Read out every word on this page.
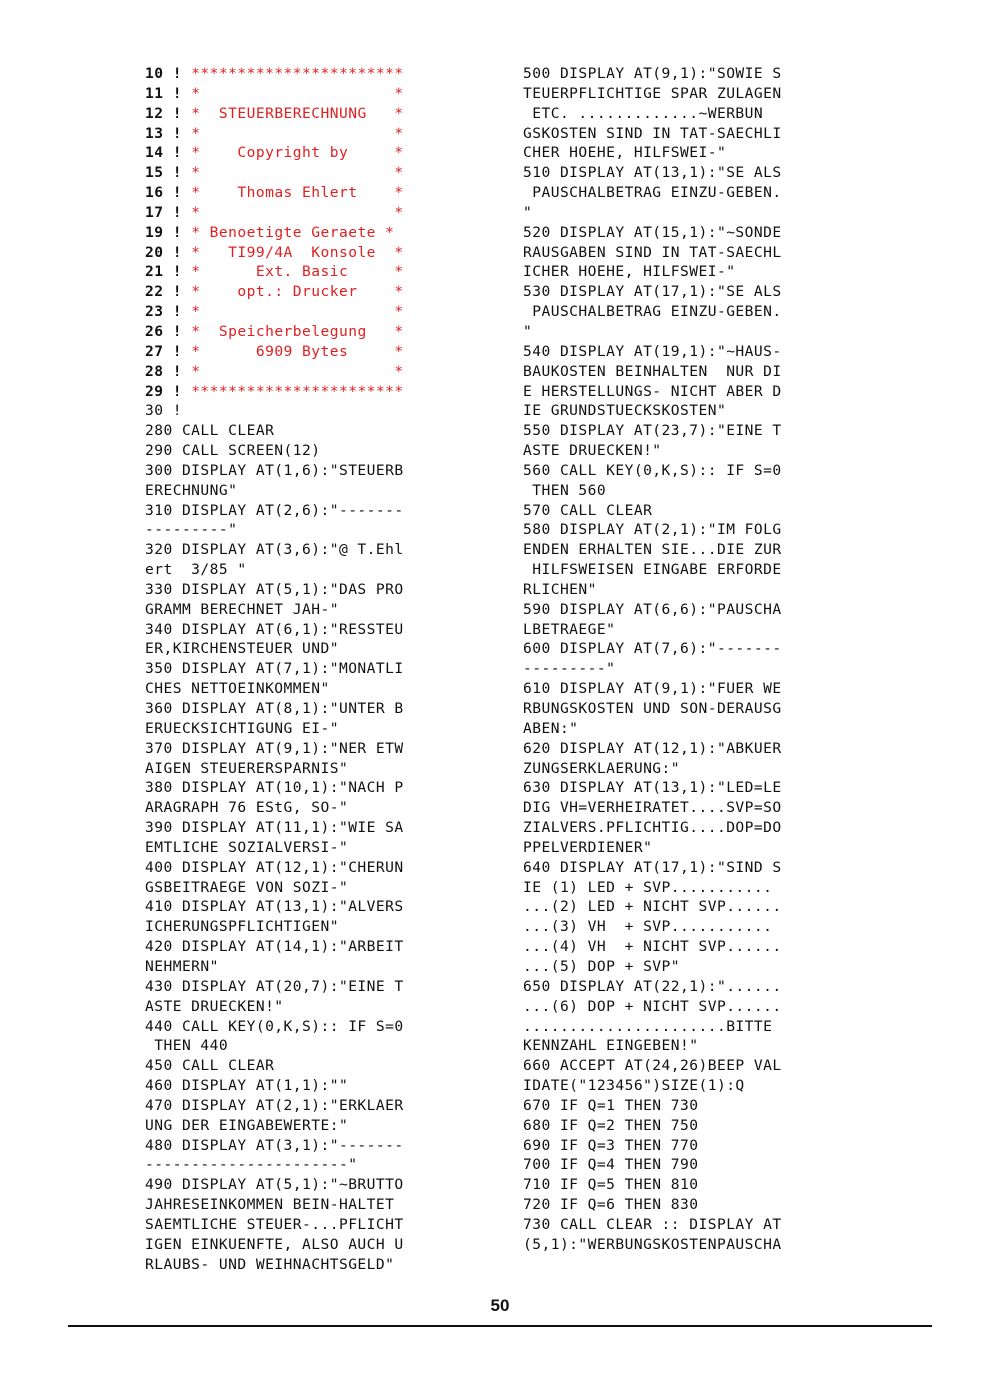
10 ! ***********************
11 ! *                     *
12 ! *  STEUERBERECHNUNG   *
13 ! *                     *
14 ! *    Copyright by     *
15 ! *                     *
16 ! *    Thomas Ehlert    *
17 ! *                     *
19 ! * Benoetigte Geraete *
20 ! *   TI99/4A  Konsole  *
21 ! *      Ext. Basic     *
22 ! *    opt.: Drucker    *
23 ! *                     *
26 ! *  Speicherbelegung   *
27 ! *      6909 Bytes     *
28 ! *                     *
29 ! ***********************
30 !
280 CALL CLEAR
290 CALL SCREEN(12)
300 DISPLAY AT(1,6):"STEUERB
ERECHNUNG"
310 DISPLAY AT(2,6):"-------
---------"
320 DISPLAY AT(3,6):"@ T.Ehl
ert  3/85 "
330 DISPLAY AT(5,1):"DAS PRO
GRAMM BERECHNET JAH-"
340 DISPLAY AT(6,1):"RESSTEU
ER,KIRCHENSTEUER UND"
350 DISPLAY AT(7,1):"MONATLI
CHES NETTOEINKOMMEN"
360 DISPLAY AT(8,1):"UNTER B
ERUECKSICHTIGUNG EI-"
370 DISPLAY AT(9,1):"NER ETW
AIGEN STEUERERSPARNIS"
380 DISPLAY AT(10,1):"NACH P
ARAGRAPH 76 EStG, SO-"
390 DISPLAY AT(11,1):"WIE SA
EMTLICHE SOZIALVERSI-"
400 DISPLAY AT(12,1):"CHERUN
GSBEITRAEGE VON SOZI-"
410 DISPLAY AT(13,1):"ALVERS
ICHERUNGSPFLICHTIGEN"
420 DISPLAY AT(14,1):"ARBEIT
NEHMERN"
430 DISPLAY AT(20,7):"EINE T
ASTE DRUECKEN!"
440 CALL KEY(0,K,S):: IF S=0
THEN 440
450 CALL CLEAR
460 DISPLAY AT(1,1):""
470 DISPLAY AT(2,1):"ERKLAER
UNG DER EINGABEWERTE:"
480 DISPLAY AT(3,1):"-------
----------------------"
490 DISPLAY AT(5,1):"~BRUTTO
JAHRESEINKOMMEN BEIN-HALTET
SAEMTLICHE STEUER-...PFLICHT
IGEN EINKUENFTE, ALSO AUCH U
RLAUBS- UND WEIHNACHTSGELD"
500 DISPLAY AT(9,1):"SOWIE S
TEUERPFLICHTIGE SPAR ZULAGEN
ETC. .............~WERBUN
GSKOSTEN SIND IN TAT-SAECHLI
CHER HOEHE, HILFSWEI-"
510 DISPLAY AT(13,1):"SE ALS
PAUSCHALBETRAG EINZU-GEBEN.
"
520 DISPLAY AT(15,1):"~SONDE
RAUSGABEN SIND IN TAT-SAECHL
ICHER HOEHE, HILFSWEI-"
530 DISPLAY AT(17,1):"SE ALS
PAUSCHALBETRAG EINZU-GEBEN.
"
540 DISPLAY AT(19,1):"~HAUS-
BAUKOSTEN BEINHALTEN  NUR DI
E HERSTELLUNGS- NICHT ABER D
IE GRUNDSTUECKSKOSTEN"
550 DISPLAY AT(23,7):"EINE T
ASTE DRUECKEN!"
560 CALL KEY(0,K,S):: IF S=0
THEN 560
570 CALL CLEAR
580 DISPLAY AT(2,1):"IM FOLG
ENDEN ERHALTEN SIE...DIE ZUR
HILFSWEISEN EINGABE ERFORDE
RLICHEN"
590 DISPLAY AT(6,6):"PAUSCHA
LBETRAEGE"
600 DISPLAY AT(7,6):"-------
---------"
610 DISPLAY AT(9,1):"FUER WE
RBUNGSKOSTEN UND SON-DERAUSG
ABEN:"
620 DISPLAY AT(12,1):"ABKUER
ZUNGSERKLAERUNG:"
630 DISPLAY AT(13,1):"LED=LE
DIG VH=VERHEIRATET....SVP=SO
ZIALVERS.PFLICHTIG....DOP=DO
PPELVERDIENER"
640 DISPLAY AT(17,1):"SIND S
IE (1) LED + SVP...........
...(2) LED + NICHT SVP......
...(3) VH  + SVP...........
...(4) VH  + NICHT SVP......
...(5) DOP + SVP"
650 DISPLAY AT(22,1):"......
...(6) DOP + NICHT SVP......
......................BITTE
KENNZAHL EINGEBEN!"
660 ACCEPT AT(24,26)BEEP VAL
IDATE("123456")SIZE(1):Q
670 IF Q=1 THEN 730
680 IF Q=2 THEN 750
690 IF Q=3 THEN 770
700 IF Q=4 THEN 790
710 IF Q=5 THEN 810
720 IF Q=6 THEN 830
730 CALL CLEAR :: DISPLAY AT
(5,1):"WERBUNGSKOSTENPAUSCHA
50
